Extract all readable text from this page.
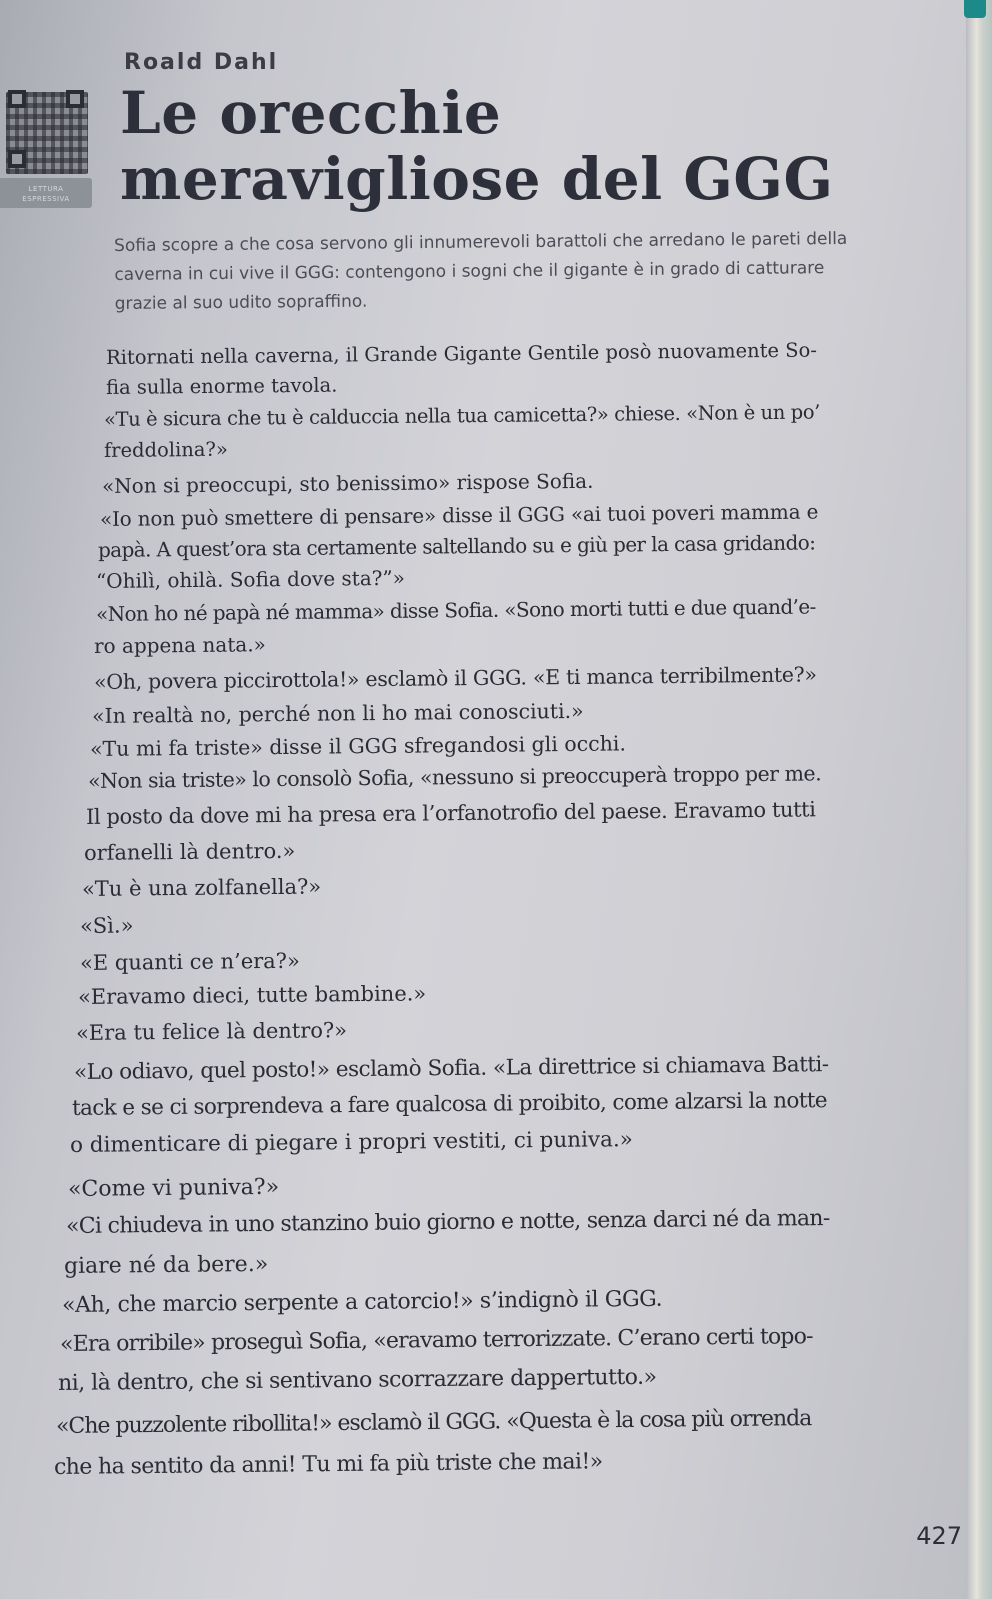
LETTURA
ESPRESSIVA
Roald Dahl
Le orecchie
meravigliose del GGG
Sofia scopre a che cosa servono gli innumerevoli barattoli che arredano le pareti della caverna in cui vive il GGG: contengono i sogni che il gigante è in grado di catturare grazie al suo udito sopraffino.
Ritornati nella caverna, il Grande Gigante Gentile posò nuovamente So-
fia sulla enorme tavola.
«Tu è sicura che tu è calduccia nella tua camicetta?» chiese. «Non è un po’
freddolina?»
«Non si preoccupi, sto benissimo» rispose Sofia.
«Io non può smettere di pensare» disse il GGG «ai tuoi poveri mamma e
papà. A quest’ora sta certamente saltellando su e giù per la casa gridando:
“Ohilì, ohilà. Sofia dove sta?”»
«Non ho né papà né mamma» disse Sofia. «Sono morti tutti e due quand’e-
ro appena nata.»
«Oh, povera piccirottola!» esclamò il GGG. «E ti manca terribilmente?»
«In realtà no, perché non li ho mai conosciuti.»
«Tu mi fa triste» disse il GGG sfregandosi gli occhi.
«Non sia triste» lo consolò Sofia, «nessuno si preoccuperà troppo per me.
Il posto da dove mi ha presa era l’orfanotrofio del paese. Eravamo tutti
orfanelli là dentro.»
«Tu è una zolfanella?»
«Sì.»
«E quanti ce n’era?»
«Eravamo dieci, tutte bambine.»
«Era tu felice là dentro?»
«Lo odiavo, quel posto!» esclamò Sofia. «La direttrice si chiamava Batti-
tack e se ci sorprendeva a fare qualcosa di proibito, come alzarsi la notte
o dimenticare di piegare i propri vestiti, ci puniva.»
«Come vi puniva?»
«Ci chiudeva in uno stanzino buio giorno e notte, senza darci né da man-
giare né da bere.»
«Ah, che marcio serpente a catorcio!» s’indignò il GGG.
«Era orribile» proseguì Sofia, «eravamo terrorizzate. C’erano certi topo-
ni, là dentro, che si sentivano scorrazzare dappertutto.»
«Che puzzolente ribollita!» esclamò il GGG. «Questa è la cosa più orrenda
che ha sentito da anni! Tu mi fa più triste che mai!»
427
